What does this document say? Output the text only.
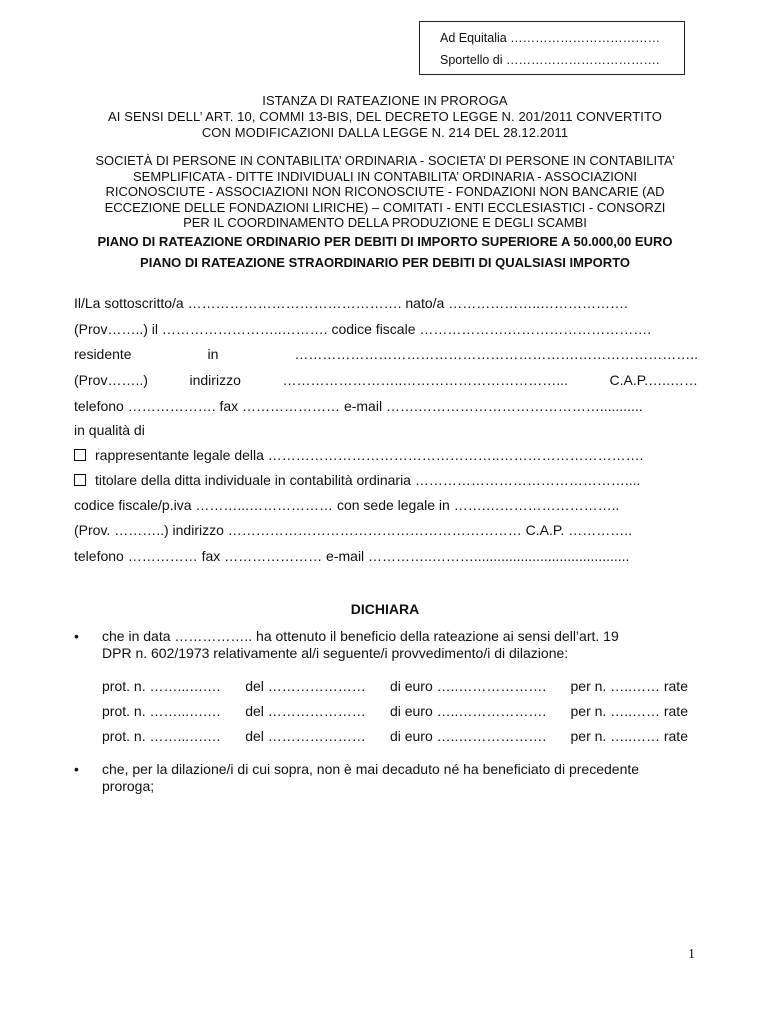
Ad Equitalia ………………………………
Sportello di ……………………………….
ISTANZA DI RATEAZIONE IN PROROGA
AI SENSI DELL’ ART. 10, COMMI 13-BIS, DEL DECRETO LEGGE N. 201/2011 CONVERTITO
CON MODIFICAZIONI DALLA LEGGE N. 214 DEL 28.12.2011
SOCIETÀ DI PERSONE IN CONTABILITA’ ORDINARIA - SOCIETA’ DI PERSONE IN CONTABILITA’
SEMPLIFICATA - DITTE INDIVIDUALI IN CONTABILITA’ ORDINARIA - ASSOCIAZIONI
RICONOSCIUTE - ASSOCIAZIONI NON RICONOSCIUTE - FONDAZIONI NON BANCARIE (AD
ECCEZIONE DELLE FONDAZIONI LIRICHE) – COMITATI - ENTI ECCLESIASTICI - CONSORZI
PER IL COORDINAMENTO DELLA PRODUZIONE E DEGLI SCAMBI
PIANO DI RATEAZIONE ORDINARIO PER DEBITI DI IMPORTO SUPERIORE A 50.000,00 EURO
PIANO DI RATEAZIONE STRAORDINARIO PER DEBITI DI QUALSIASI IMPORTO
Il/La sottoscritto/a ………………………………………. nato/a ………………..……………….
(Prov……..) il ……………………..………. codice fiscale ……………….………………………….
residente	in	…………………………………………………….……………………..
(Prov……..)	indirizzo	……………………..……………………………...	C.A.P.…..……
telefono ………………. fax ………………… e-mail …….…………………………………...........
in qualità di
rappresentante legale della …………………………………………..………………………….
titolare della ditta individuale in contabilità ordinaria ………………………………………....
codice fiscale/p.iva ………...……………… con sede legale in …….………………………..
(Prov. ………..) indirizzo ……………………………………………………… C.A.P. …………..
telefono …………… fax ………………… e-mail …………..………........................................
DICHIARA
• che in data …………….. ha ottenuto il beneficio della rateazione ai sensi dell’art. 19
DPR n. 602/1973 relativamente al/i seguente/i provvedimento/i di dilazione:
prot. n. ……...….… del ………………… di euro …..………………. per n. …..…… rate
prot. n. ……...….… del ………………… di euro …..………………. per n. …..…… rate
prot. n. ……...….… del ………………… di euro …..………………. per n. …..…… rate
• che, per la dilazione/i di cui sopra, non è mai decaduto né ha beneficiato di precedente
proroga;
1
